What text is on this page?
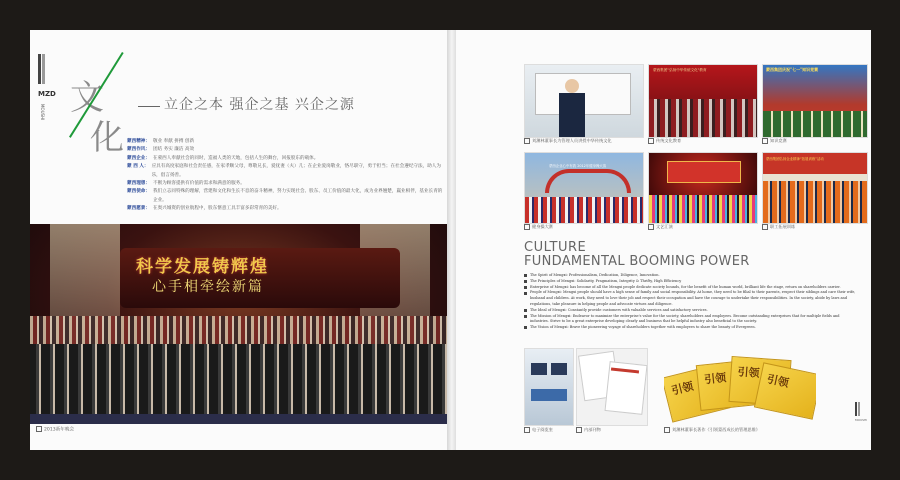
MZD
MOUSHI 文
化
立企之本 强企之基 兴企之源
蒙西精神： 敬业 奉献 拼搏 创新
蒙西作风： 团结 务实 廉洁 高效
蒙西企业： 在蒙西人奉献社会的同时，造福人类的天地，包括人生的舞台，回报股东的载体。
蒙 西 人： 应具有高度家庭和社会责任感，在家孝顺父母，尊敬兄长，爱抚妻（夫）儿；在企业爱岗敬业，恪尽职守，勇于担当；在社会遵纪守法，助人为乐，倡言扬善。
蒙西理想： 不断为顾客提供有价值的需求和满意的服务。
蒙西使命： 我们立志同特殊的理解，营建和文化和生长不息的奋斗精神，努力实现社会、股东、员工价值的最大化，成为业界翘楚，赢业相伴，基业长青的企业。
蒙西愿景： 在奥兴城资的创业航程中，股东惬意工具丰富多彩常青的美好。
科学发展铸辉煌
心手相牵绘新篇
2013新年晚会
蒙西集团"弘扬中华传统文化"教育	蒙西集团庆祝"七一"知识竞赛
刘渊林董事长为管理人员讲授中华传统文化	传统文化教育	知识竞赛
蒙西企业心中有我 2012年健身操大赛
蒙西集团弘扬企业精神“拓展训练”活动
健身操大赛	文艺汇演	职工拓展训练
CULTURE
FUNDAMENTAL BOOMING POWER
The Spirit of Mengxi: Professionalism, Dedication, Diligence, Innovation.
The Principles of Mengxi: Solidarity, Pragmatism, Integrity & Thrifty, High Efficiency
Enterprise of Mengxi: has become of all the Mengxi people dedicate society bounds, for the benefit of the human world, brilliant life the stage, return on shareholders carrier.
People of Mengxi: Mengxi people should have a high sense of family and social responsibility. At home, they need to be filial to their parents, respect their siblings and care their wife, husband and children. At work, they need to love their job and respect their occupation and have the courage to undertake their responsibilities. In the society, abide by laws and regulations, take pleasure in helping people and advocate virtues and diligence.
The Ideal of Mengxi: Constantly provide customers with valuable services and satisfactory services.
The Mission of Mengxi: Endeavor to maximize the enterprise's value for the society, shareholders and employees. Become outstanding enterprises that for multiple fields and industries. Strive to be a great enterprise developing clearly and business that be helpful industry also beneficial to the society.
The Vision of Mengxi: Brave the pioneering voyage of shareholders together with employees to share the beauty of Evergreen.
引领
引领 引领 引领
电子阅览室	内部刊物	刘渊林董事长著作《引领蒙西成长的管理思维》
MOUSHI
